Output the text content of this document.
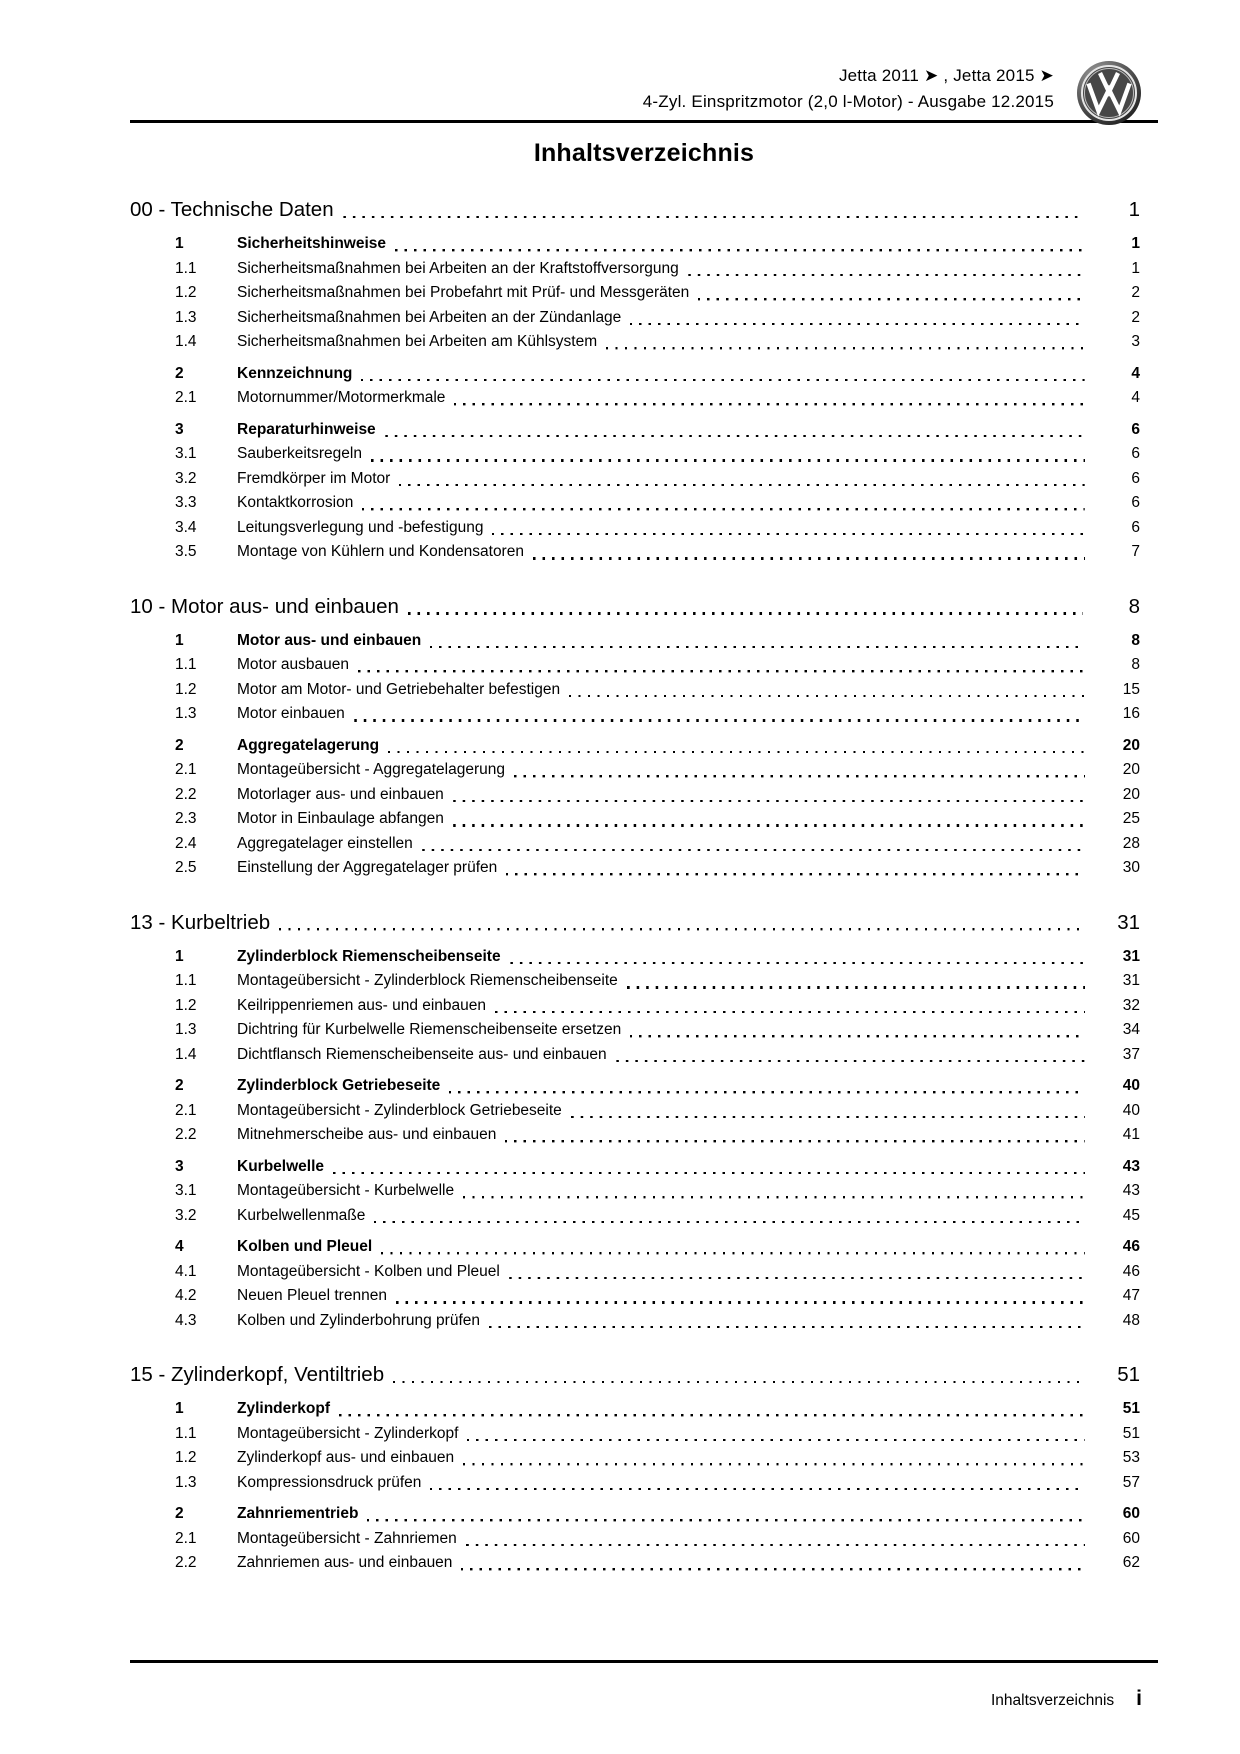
Jetta 2011 ➤ , Jetta 2015 ➤
4-Zyl. Einspritzmotor (2,0 l-Motor) - Ausgabe 12.2015
Inhaltsverzeichnis
00 - Technische Daten	1
1	Sicherheitshinweise	1
1.1	Sicherheitsmaßnahmen bei Arbeiten an der Kraftstoffversorgung	1
1.2	Sicherheitsmaßnahmen bei Probefahrt mit Prüf- und Messgeräten	2
1.3	Sicherheitsmaßnahmen bei Arbeiten an der Zündanlage	2
1.4	Sicherheitsmaßnahmen bei Arbeiten am Kühlsystem	3
2	Kennzeichnung	4
2.1	Motornummer/Motormerkmale	4
3	Reparaturhinweise	6
3.1	Sauberkeitsregeln	6
3.2	Fremdkörper im Motor	6
3.3	Kontaktkorrosion	6
3.4	Leitungsverlegung und -befestigung	6
3.5	Montage von Kühlern und Kondensatoren	7
10 - Motor aus- und einbauen	8
1	Motor aus- und einbauen	8
1.1	Motor ausbauen	8
1.2	Motor am Motor- und Getriebehalter befestigen	15
1.3	Motor einbauen	16
2	Aggregatelagerung	20
2.1	Montageübersicht - Aggregatelagerung	20
2.2	Motorlager aus- und einbauen	20
2.3	Motor in Einbaulage abfangen	25
2.4	Aggregatelager einstellen	28
2.5	Einstellung der Aggregatelager prüfen	30
13 - Kurbeltrieb	31
1	Zylinderblock Riemenscheibenseite	31
1.1	Montageübersicht - Zylinderblock Riemenscheibenseite	31
1.2	Keilrippenriemen aus- und einbauen	32
1.3	Dichtring für Kurbelwelle Riemenscheibenseite ersetzen	34
1.4	Dichtflansch Riemenscheibenseite aus- und einbauen	37
2	Zylinderblock Getriebeseite	40
2.1	Montageübersicht - Zylinderblock Getriebeseite	40
2.2	Mitnehmerscheibe aus- und einbauen	41
3	Kurbelwelle	43
3.1	Montageübersicht - Kurbelwelle	43
3.2	Kurbelwellenmaße	45
4	Kolben und Pleuel	46
4.1	Montageübersicht - Kolben und Pleuel	46
4.2	Neuen Pleuel trennen	47
4.3	Kolben und Zylinderbohrung prüfen	48
15 - Zylinderkopf, Ventiltrieb	51
1	Zylinderkopf	51
1.1	Montageübersicht - Zylinderkopf	51
1.2	Zylinderkopf aus- und einbauen	53
1.3	Kompressionsdruck prüfen	57
2	Zahnriementrieb	60
2.1	Montageübersicht - Zahnriemen	60
2.2	Zahnriemen aus- und einbauen	62
Inhaltsverzeichnis i
